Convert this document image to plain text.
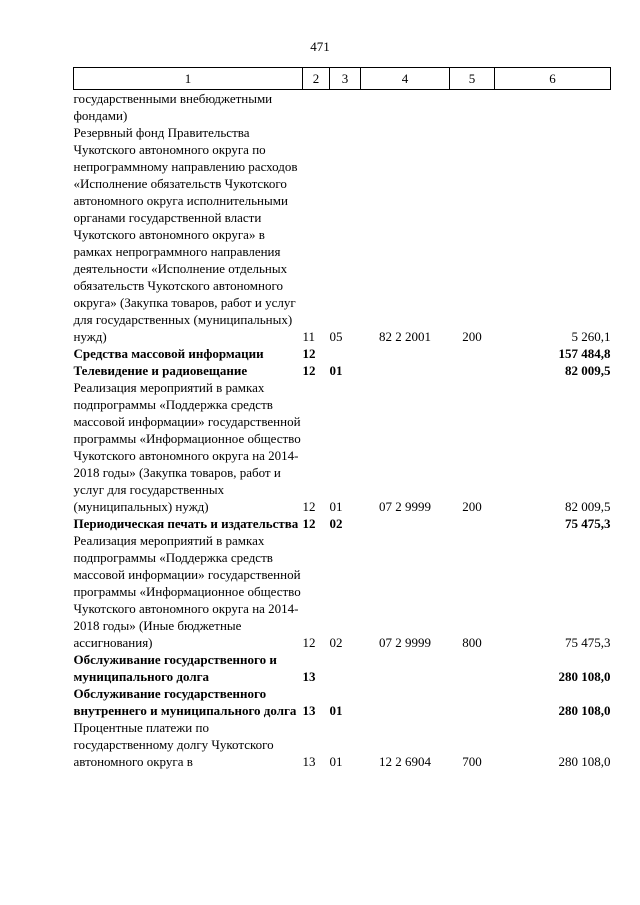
471
1	2	3	4	5	6
государственными внебюджетными фондами)					
Резервный фонд Правительства Чукотского автономного округа по непрограммному направлению расходов «Исполнение обязательств Чукотского автономного округа исполнительными органами государственной власти Чукотского автономного округа» в рамках непрограммного направления деятельности «Исполнение отдельных обязательств Чукотского автономного округа» (Закупка товаров, работ и услуг для государственных (муниципальных) нужд)	11	05	82 2 2001	200	5 260,1
Средства массовой информации	12				157 484,8
Телевидение и радиовещание	12	01			82 009,5
Реализация мероприятий в рамках подпрограммы «Поддержка средств массовой информации» государственной программы «Информационное общество Чукотского автономного округа на 2014-2018 годы» (Закупка товаров, работ и услуг для государственных (муниципальных) нужд)	12	01	07 2 9999	200	82 009,5
Периодическая печать и издательства	12	02			75 475,3
Реализация мероприятий в рамках подпрограммы «Поддержка средств массовой информации» государственной программы «Информационное общество Чукотского автономного округа на 2014-2018 годы» (Иные бюджетные ассигнования)	12	02	07 2 9999	800	75 475,3
Обслуживание государственного и муниципального долга	13				280 108,0
Обслуживание государственного внутреннего и муниципального долга	13	01			280 108,0
Процентные платежи по государственному долгу Чукотского автономного округа в	13	01	12 2 6904	700	280 108,0
